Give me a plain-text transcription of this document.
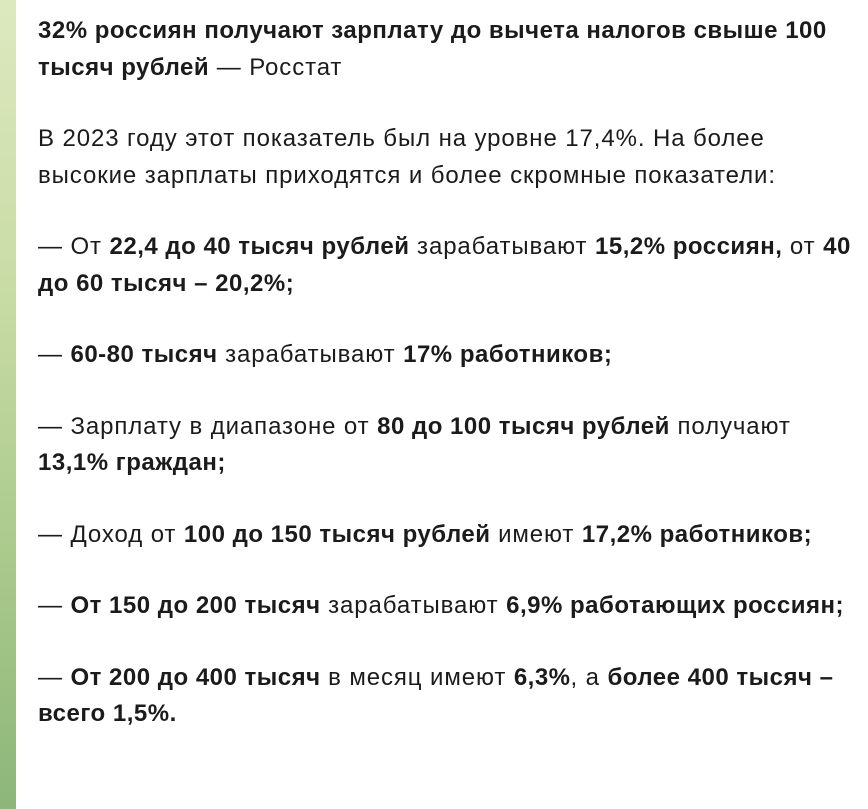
32% россиян получают зарплату до вычета налогов свыше 100 тысяч рублей — Росстат

В 2023 году этот показатель был на уровне 17,4%. На более высокие зарплаты приходятся и более скромные показатели:

— От 22,4 до 40 тысяч рублей зарабатывают 15,2% россиян, от 40 до 60 тысяч – 20,2%;

— 60-80 тысяч зарабатывают 17% работников;

— Зарплату в диапазоне от 80 до 100 тысяч рублей получают 13,1% граждан;

— Доход от 100 до 150 тысяч рублей имеют 17,2% работников;

— От 150 до 200 тысяч зарабатывают 6,9% работающих россиян;

— От 200 до 400 тысяч в месяц имеют 6,3%, а более 400 тысяч – всего 1,5%.
